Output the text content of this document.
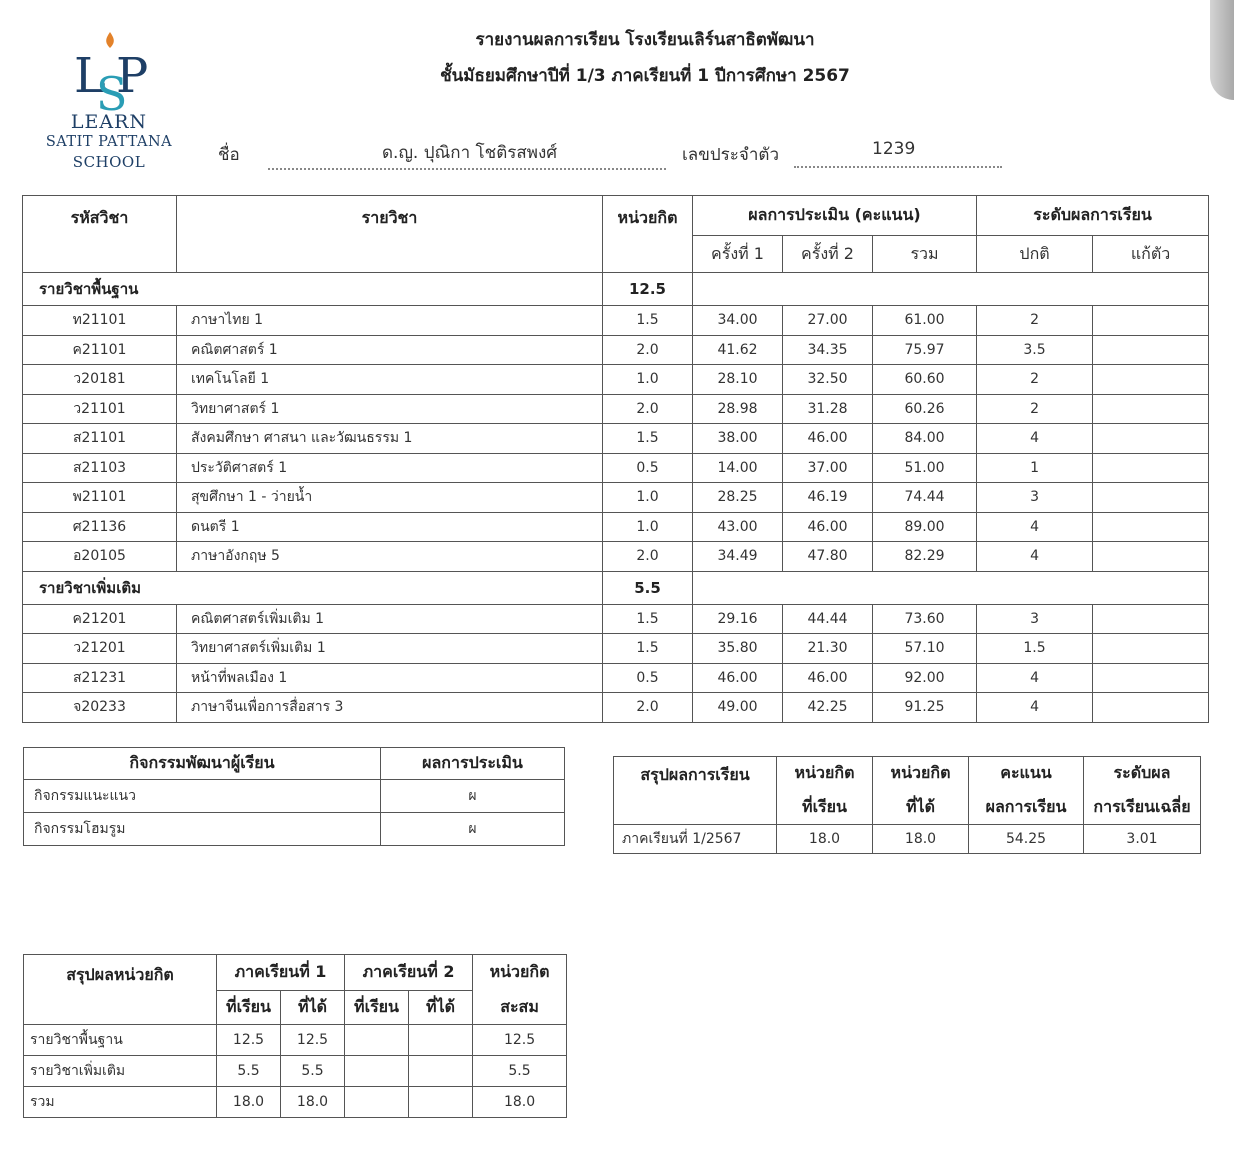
L
S
P
LEARN
SATIT PATTANA
SCHOOL
รายงานผลการเรียน โรงเรียนเลิร์นสาธิตพัฒนา
ชั้นมัธยมศึกษาปีที่ 1/3 ภาคเรียนที่ 1 ปีการศึกษา 2567
ชื่อ	ด.ญ. ปุณิกา โชติรสพงศ์	เลขประจำตัว	1239
รหัสวิชา	รายวิชา	หน่วยกิต	ผลการประเมิน (คะแนน)			ระดับผลการเรียน	
			ครั้งที่ 1	ครั้งที่ 2	รวม	ปกติ	แก้ตัว
รายวิชาพื้นฐาน		12.5					
ท21101	ภาษาไทย 1	1.5	34.00	27.00	61.00	2	
ค21101	คณิตศาสตร์ 1	2.0	41.62	34.35	75.97	3.5	
ว20181	เทคโนโลยี 1	1.0	28.10	32.50	60.60	2	
ว21101	วิทยาศาสตร์ 1	2.0	28.98	31.28	60.26	2	
ส21101	สังคมศึกษา ศาสนา และวัฒนธรรม 1	1.5	38.00	46.00	84.00	4	
ส21103	ประวัติศาสตร์ 1	0.5	14.00	37.00	51.00	1	
พ21101	สุขศึกษา 1 - ว่ายน้ำ	1.0	28.25	46.19	74.44	3	
ศ21136	ดนตรี 1	1.0	43.00	46.00	89.00	4	
อ20105	ภาษาอังกฤษ 5	2.0	34.49	47.80	82.29	4	
รายวิชาเพิ่มเติม		5.5					
ค21201	คณิตศาสตร์เพิ่มเติม 1	1.5	29.16	44.44	73.60	3	
ว21201	วิทยาศาสตร์เพิ่มเติม 1	1.5	35.80	21.30	57.10	1.5	
ส21231	หน้าที่พลเมือง 1	0.5	46.00	46.00	92.00	4	
จ20233	ภาษาจีนเพื่อการสื่อสาร 3	2.0	49.00	42.25	91.25	4	
กิจกรรมพัฒนาผู้เรียน	ผลการประเมิน
กิจกรรมแนะแนว	ผ
กิจกรรมโฮมรูม	ผ
สรุปผลการเรียน	หน่วยกิต	หน่วยกิต	คะแนน	ระดับผล
	ที่เรียน	ที่ได้	ผลการเรียน	การเรียนเฉลี่ย
ภาคเรียนที่ 1/2567	18.0	18.0	54.25	3.01
สรุปผลหน่วยกิต	ภาคเรียนที่ 1		ภาคเรียนที่ 2		หน่วยกิต
	ที่เรียน	ที่ได้	ที่เรียน	ที่ได้	สะสม
รายวิชาพื้นฐาน	12.5	12.5			12.5
รายวิชาเพิ่มเติม	5.5	5.5			5.5
รวม	18.0	18.0			18.0
